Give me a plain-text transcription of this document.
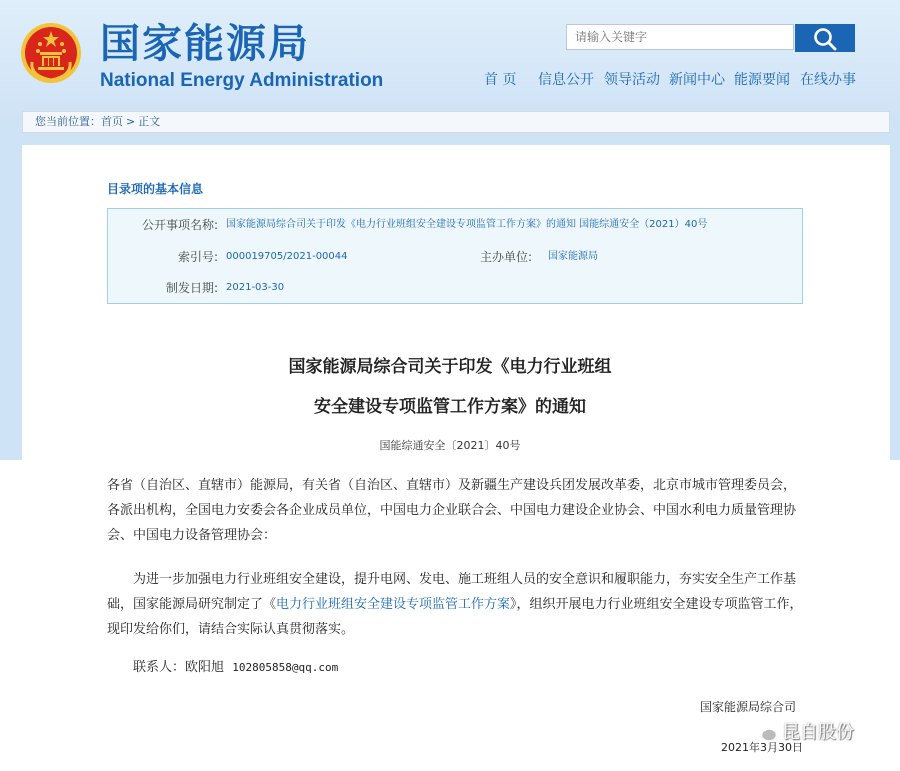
国家能源局
National Energy Administration
请输入关键字	首 页 信息公开 领导活动 新闻中心 能源要闻 在线办事
您当前位置：首页 > 正文
目录项的基本信息
公开事项名称: 国家能源局综合司关于印发《电力行业班组安全建设专项监管工作方案》的通知 国能综通安全（2021）40号
索引号: 000019705/2021-00044	主办单位: 国家能源局
制发日期: 2021-03-30
国家能源局综合司关于印发《电力行业班组
安全建设专项监管工作方案》的通知
国能综通安全〔2021〕40号
各省（自治区、直辖市）能源局，有关省（自治区、直辖市）及新疆生产建设兵团发展改革委，北京市城市管理委员会，各派出机构，全国电力安委会各企业成员单位，中国电力企业联合会、中国电力建设企业协会、中国水利电力质量管理协会、中国电力设备管理协会：
为进一步加强电力行业班组安全建设，提升电网、发电、施工班组人员的安全意识和履职能力，夯实安全生产工作基础，国家能源局研究制定了《电力行业班组安全建设专项监管工作方案》，组织开展电力行业班组安全建设专项监管工作，现印发给你们，请结合实际认真贯彻落实。
联系人：欧阳旭 102805858@qq.com
国家能源局综合司
2021年3月30日
昆自股份
